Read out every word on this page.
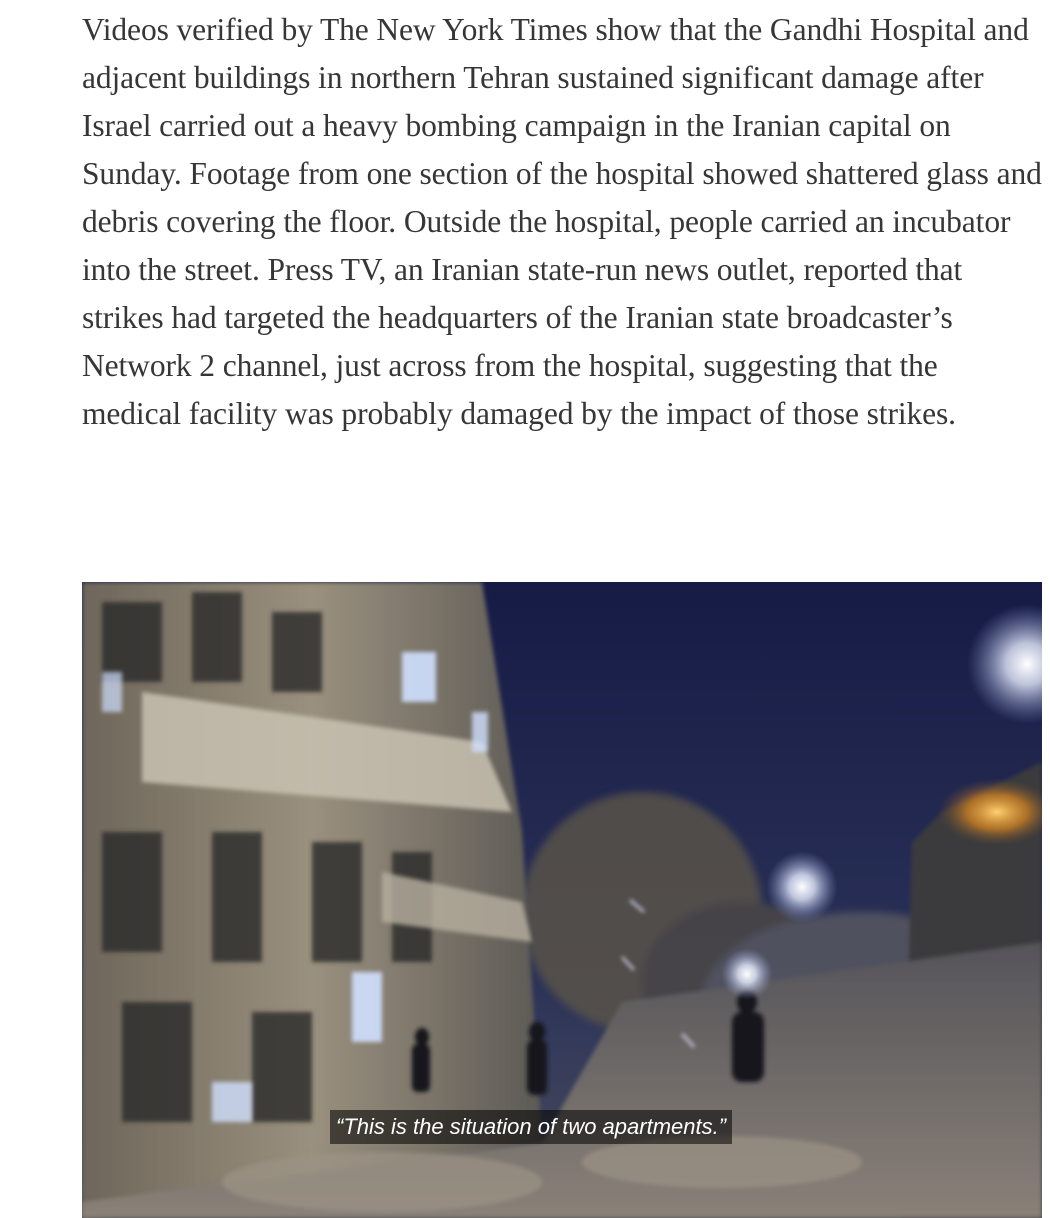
Videos verified by The New York Times show that the Gandhi Hospital and adjacent buildings in northern Tehran sustained significant damage after Israel carried out a heavy bombing campaign in the Iranian capital on Sunday. Footage from one section of the hospital showed shattered glass and debris covering the floor. Outside the hospital, people carried an incubator into the street. Press TV, an Iranian state-run news outlet, reported that strikes had targeted the headquarters of the Iranian state broadcaster’s Network 2 channel, just across from the hospital, suggesting that the medical facility was probably damaged by the impact of those strikes.

“This is the situation of two apartments.”
